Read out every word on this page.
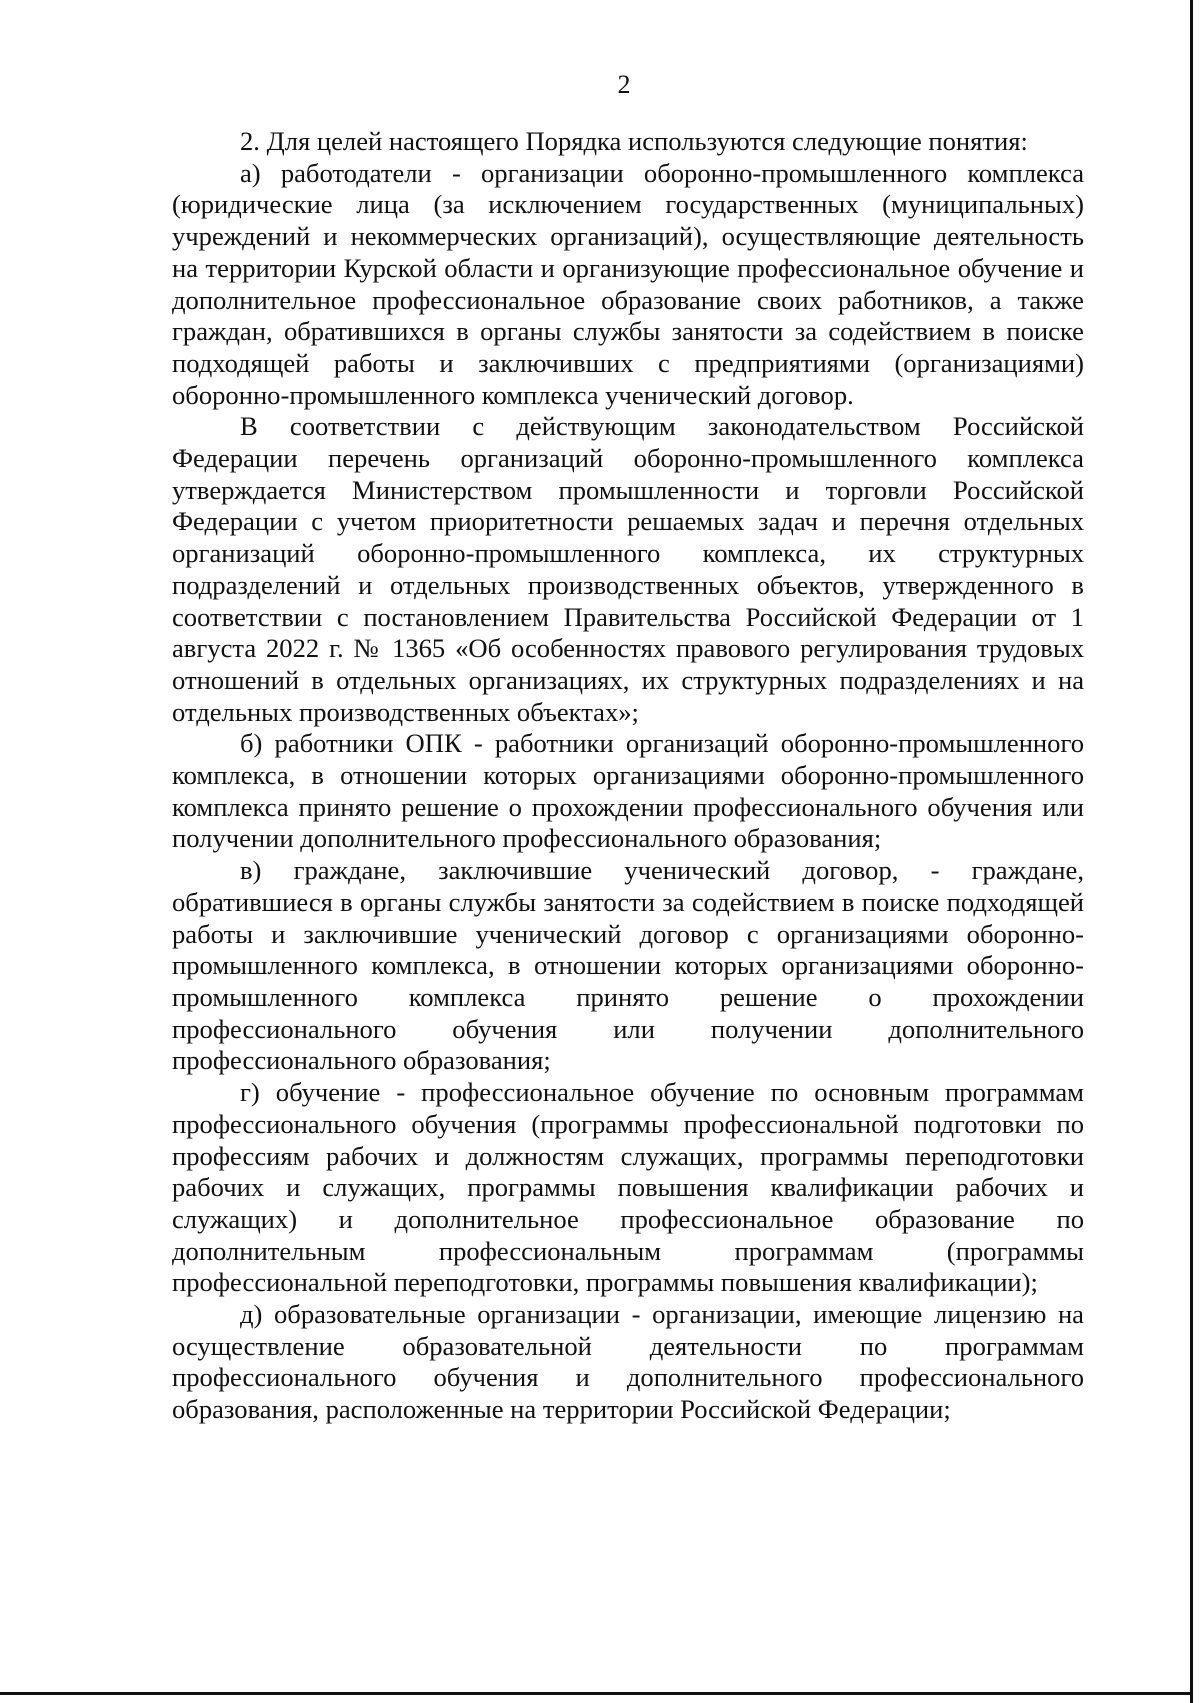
2

2. Для целей настоящего Порядка используются следующие понятия:

а) работодатели - организации оборонно-промышленного комплекса (юридические лица (за исключением государственных (муниципальных) учреждений и некоммерческих организаций), осуществляющие деятельность на территории Курской области и организующие профессиональное обучение и дополнительное профессиональное образование своих работников, а также граждан, обратившихся в органы службы занятости за содействием в поиске подходящей работы и заключивших с предприятиями (организациями) оборонно-промышленного комплекса ученический договор.

В соответствии с действующим законодательством Российской Федерации перечень организаций оборонно-промышленного комплекса утверждается Министерством промышленности и торговли Российской Федерации с учетом приоритетности решаемых задач и перечня отдельных организаций оборонно-промышленного комплекса, их структурных подразделений и отдельных производственных объектов, утвержденного в соответствии с постановлением Правительства Российской Федерации от 1 августа 2022 г. № 1365 «Об особенностях правового регулирования трудовых отношений в отдельных организациях, их структурных подразделениях и на отдельных производственных объектах»;

б) работники ОПК - работники организаций оборонно-промышленного комплекса, в отношении которых организациями оборонно-промышленного комплекса принято решение о прохождении профессионального обучения или получении дополнительного профессионального образования;

в) граждане, заключившие ученический договор, - граждане, обратившиеся в органы службы занятости за содействием в поиске подходящей работы и заключившие ученический договор с организациями оборонно-промышленного комплекса, в отношении которых организациями оборонно-промышленного комплекса принято решение о прохождении профессионального обучения или получении дополнительного профессионального образования;

г) обучение - профессиональное обучение по основным программам профессионального обучения (программы профессиональной подготовки по профессиям рабочих и должностям служащих, программы переподготовки рабочих и служащих, программы повышения квалификации рабочих и служащих) и дополнительное профессиональное образование по дополнительным профессиональным программам (программы профессиональной переподготовки, программы повышения квалификации);

д) образовательные организации - организации, имеющие лицензию на осуществление образовательной деятельности по программам профессионального обучения и дополнительного профессионального образования, расположенные на территории Российской Федерации;
